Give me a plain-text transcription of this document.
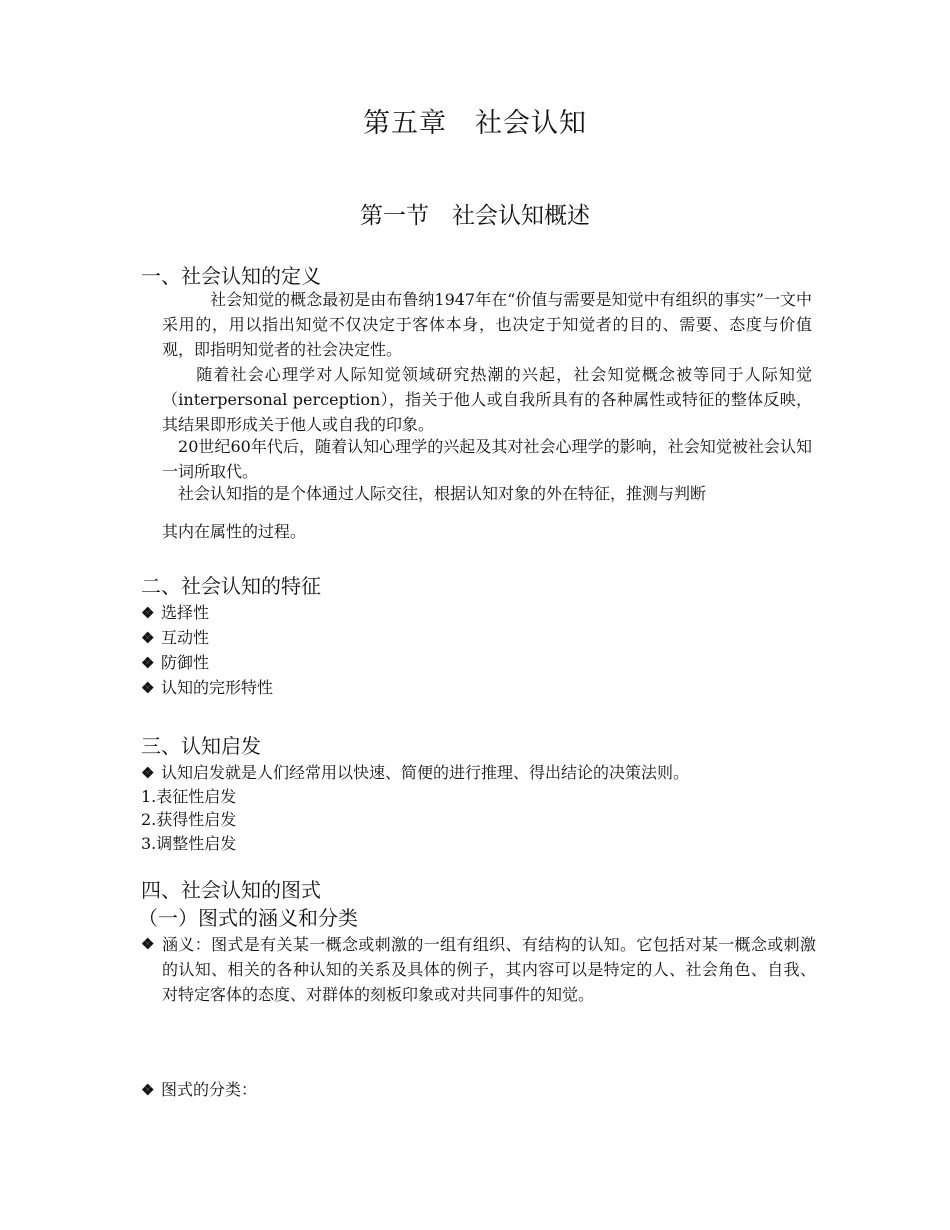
第五章　社会认知
第一节　社会认知概述
一、社会认知的定义
　　　社会知觉的概念最初是由布鲁纳1947年在“价值与需要是知觉中有组织的事实”一文中采用的，用以指出知觉不仅决定于客体本身，也决定于知觉者的目的、需要、态度与价值观，即指明知觉者的社会决定性。
　　随着社会心理学对人际知觉领域研究热潮的兴起，社会知觉概念被等同于人际知觉（interpersonal perception），指关于他人或自我所具有的各种属性或特征的整体反映，其结果即形成关于他人或自我的印象。
　20世纪60年代后，随着认知心理学的兴起及其对社会心理学的影响，社会知觉被社会认知一词所取代。
　社会认知指的是个体通过人际交往，根据认知对象的外在特征，推测与判断
其内在属性的过程。
二、社会认知的特征
❖ 选择性
❖ 互动性
❖ 防御性
❖ 认知的完形特性
三、认知启发
❖ 认知启发就是人们经常用以快速、简便的进行推理、得出结论的决策法则。
1.表征性启发
2.获得性启发
3.调整性启发
四、社会认知的图式
（一）图式的涵义和分类
❖ 涵义：图式是有关某一概念或刺激的一组有组织、有结构的认知。它包括对某一概念或刺激的认知、相关的各种认知的关系及具体的例子，其内容可以是特定的人、社会角色、自我、对特定客体的态度、对群体的刻板印象或对共同事件的知觉。
❖ 图式的分类：
